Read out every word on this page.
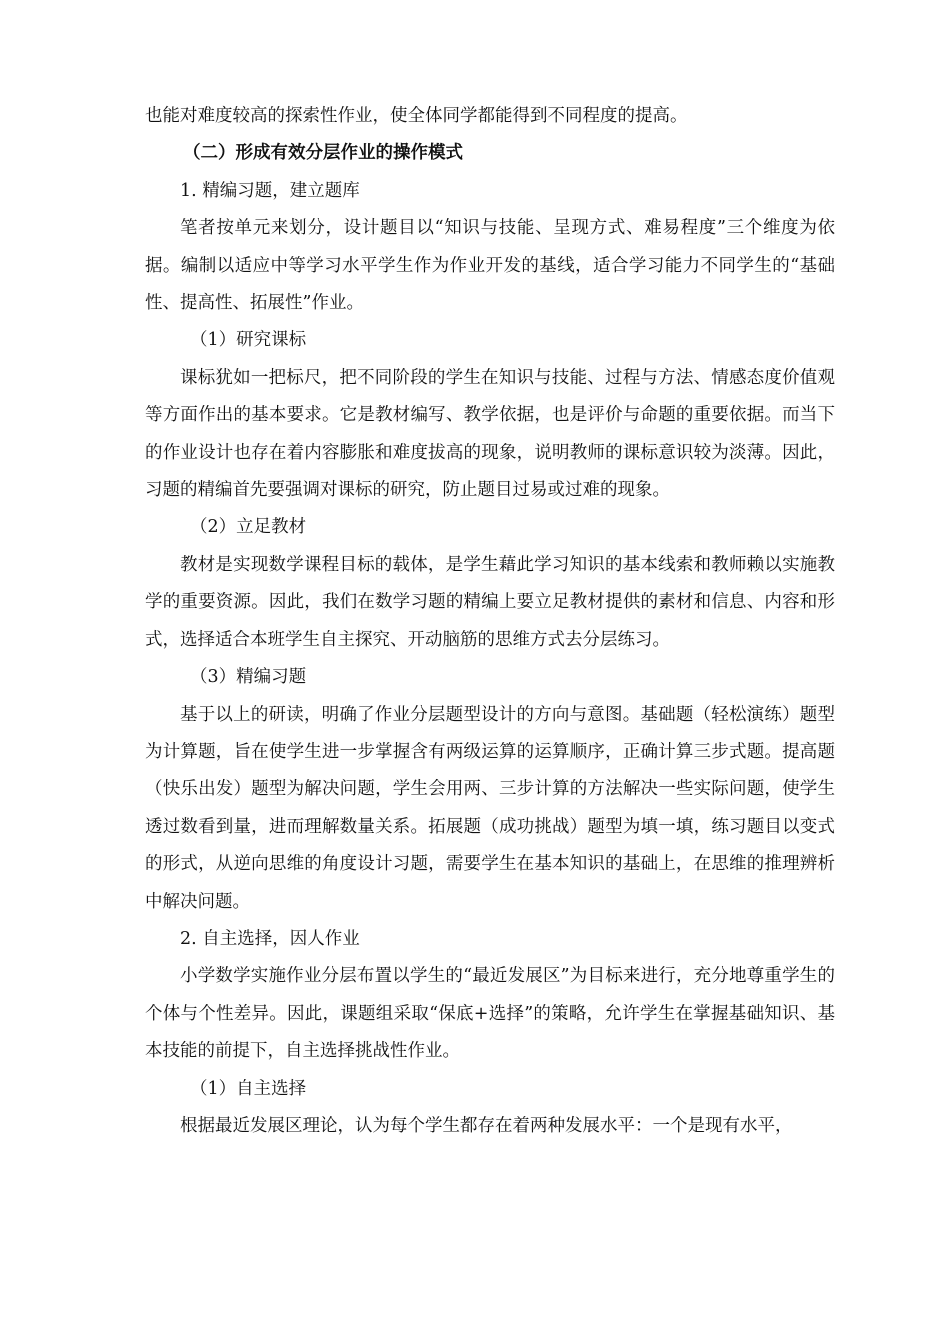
也能对难度较高的探索性作业，使全体同学都能得到不同程度的提高。

（二）形成有效分层作业的操作模式

1. 精编习题，建立题库

笔者按单元来划分，设计题目以“知识与技能、呈现方式、难易程度”三个维度为依据。编制以适应中等学习水平学生作为作业开发的基线，适合学习能力不同学生的“基础性、提高性、拓展性”作业。

（1）研究课标

课标犹如一把标尺，把不同阶段的学生在知识与技能、过程与方法、情感态度价值观等方面作出的基本要求。它是教材编写、教学依据，也是评价与命题的重要依据。而当下的作业设计也存在着内容膨胀和难度拔高的现象，说明教师的课标意识较为淡薄。因此，习题的精编首先要强调对课标的研究，防止题目过易或过难的现象。

（2）立足教材

教材是实现数学课程目标的载体，是学生藉此学习知识的基本线索和教师赖以实施教学的重要资源。因此，我们在数学习题的精编上要立足教材提供的素材和信息、内容和形式，选择适合本班学生自主探究、开动脑筋的思维方式去分层练习。

（3）精编习题

基于以上的研读，明确了作业分层题型设计的方向与意图。基础题（轻松演练）题型为计算题，旨在使学生进一步掌握含有两级运算的运算顺序，正确计算三步式题。提高题（快乐出发）题型为解决问题，学生会用两、三步计算的方法解决一些实际问题，使学生透过数看到量，进而理解数量关系。拓展题（成功挑战）题型为填一填，练习题目以变式的形式，从逆向思维的角度设计习题，需要学生在基本知识的基础上，在思维的推理辨析中解决问题。

2. 自主选择，因人作业

小学数学实施作业分层布置以学生的“最近发展区”为目标来进行，充分地尊重学生的个体与个性差异。因此，课题组采取“保底+选择”的策略，允许学生在掌握基础知识、基本技能的前提下，自主选择挑战性作业。

（1）自主选择

根据最近发展区理论，认为每个学生都存在着两种发展水平：一个是现有水平，
